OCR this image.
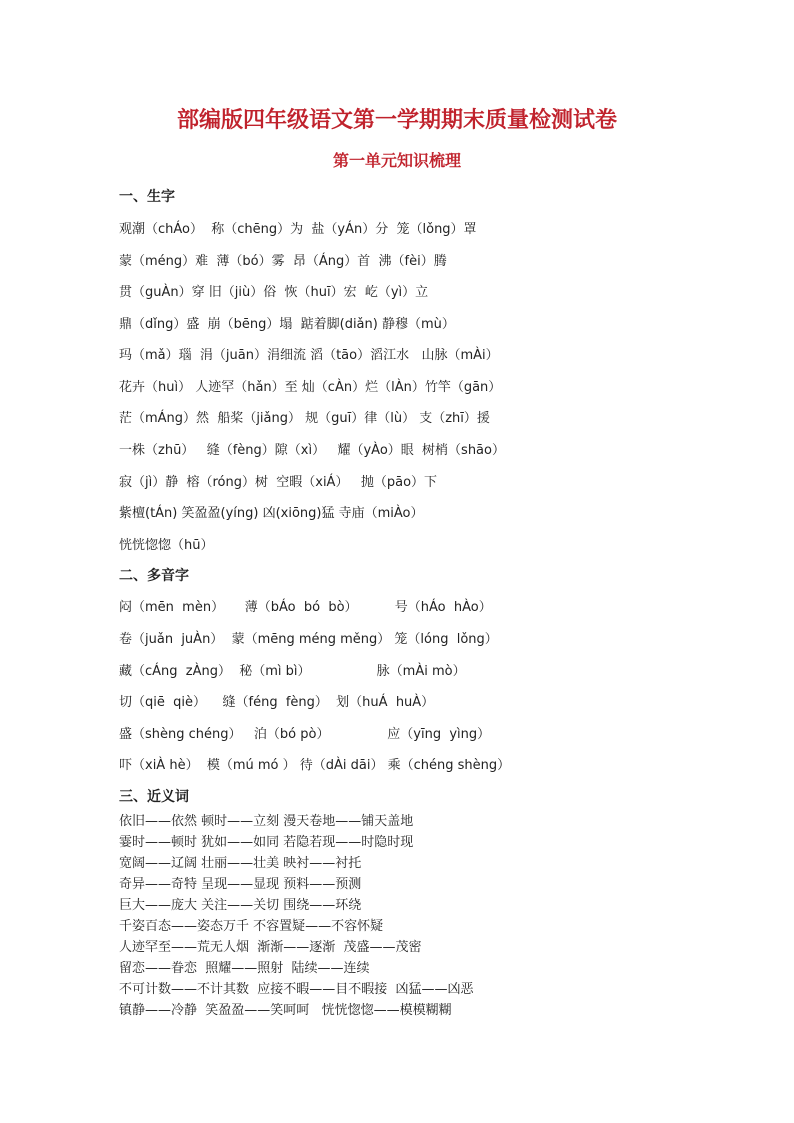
部编版四年级语文第一学期期末质量检测试卷
第一单元知识梳理
一、生字
观潮（chÁo）  称（chēng）为  盐（yÁn）分  笼（lǒng）罩
蒙（méng）难  薄（bó）雾  昂（Áng）首  沸（fèi）腾
贯（guÀn）穿 旧（jiù）俗  恢（huī）宏  屹（yì）立
鼎（dǐng）盛  崩（bēng）塌  踮着脚(diǎn) 静穆（mù）
玛（mǎ）瑙  涓（juān）涓细流 滔（tāo）滔江水   山脉（mÀi）
花卉（huì） 人迹罕（hǎn）至 灿（cÀn）烂（lÀn）竹竿（gān）
茫（mÁng）然  船桨（jiǎng） 规（guī）律（lù） 支（zhī）援
一株（zhū）   缝（fèng）隙（xì）   耀（yÀo）眼  树梢（shāo）
寂（jì）静  榕（róng）树  空暇（xiÁ）   抛（pāo）下
紫檀(tÁn) 笑盈盈(yíng) 凶(xiōng)猛 寺庙（miÀo）
恍恍惚惚（hū）
二、多音字
闷（mēn  mèn）     薄（bÁo  bó  bò）         号（hÁo  hÀo）
卷（juǎn  juÀn）  蒙（mēng méng měng） 笼（lóng  lǒng）
藏（cÁng  zÀng）  秘（mì bì）                脉（mÀi mò）
切（qiē  qiè）    缝（féng  fèng）  划（huÁ  huÀ）
盛（shèng chéng）   泊（bó pò）              应（yīng  yìng）
吓（xiÀ hè）  模（mú mó ） 待（dÀi dāi） 乘（chéng shèng）
三、近义词
依旧——依然 顿时——立刻 漫天卷地——铺天盖地
霎时——顿时 犹如——如同 若隐若现——时隐时现
宽阔——辽阔 壮丽——壮美 映衬——衬托
奇异——奇特 呈现——显现 预料——预测
巨大——庞大 关注——关切 围绕——环绕
千姿百态——姿态万千 不容置疑——不容怀疑
人迹罕至——荒无人烟  渐渐——逐渐  茂盛——茂密
留恋——眷恋  照耀——照射  陆续——连续
不可计数——不计其数  应接不暇——目不暇接  凶猛——凶恶
镇静——冷静  笑盈盈——笑呵呵   恍恍惚惚——模模糊糊
